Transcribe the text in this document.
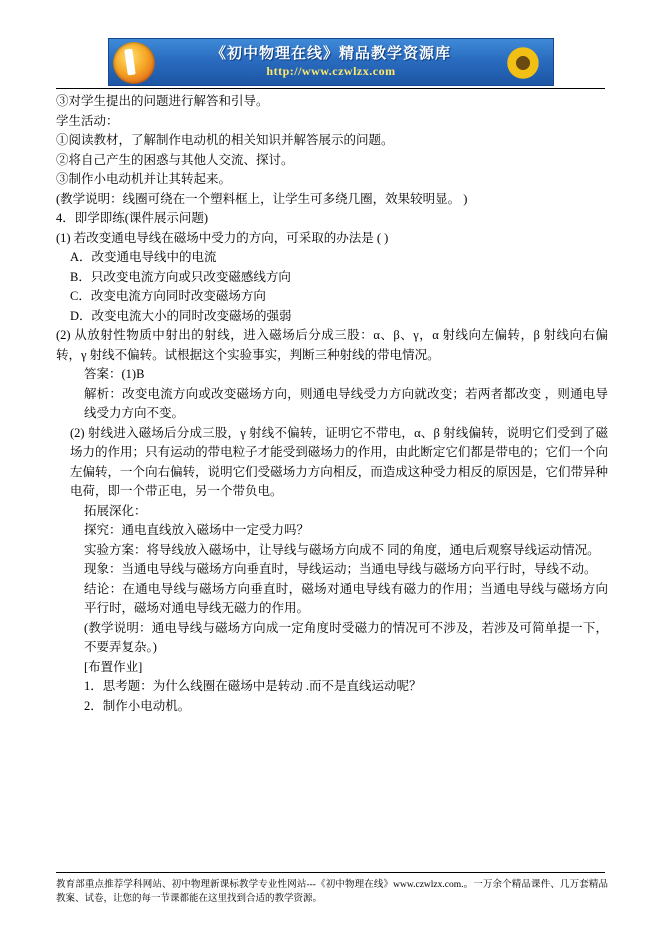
《初中物理在线》精品教学资源库
http://www.czwlzx.com

③对学生提出的问题进行解答和引导。

学生活动：

①阅读教材，了解制作电动机的相关知识并解答展示的问题。

②将自己产生的困惑与其他人交流、探讨。

③制作小电动机并让其转起来。

(教学说明：线圈可绕在一个塑料框上，让学生可多绕几圈，效果较明显。 )

4．即学即练(课件展示问题)

(1) 若改变通电导线在磁场中受力的方向，可采取的办法是 ( )

A．改变通电导线中的电流

B．只改变电流方向或只改变磁感线方向

C．改变电流方向同时改变磁场方向

D．改变电流大小的同时改变磁场的强弱

(2) 从放射性物质中射出的射线，进入磁场后分成三股：α、β、γ，α 射线向左偏转，β 射线向右偏转，γ 射线不偏转。试根据这个实验事实，判断三种射线的带电情况。

答案：(1)B

解析：改变电流方向或改变磁场方向，则通电导线受力方向就改变；若两者都改变 ，则通电导线受力方向不变。

(2) 射线进入磁场后分成三股，γ 射线不偏转，证明它不带电，α、β 射线偏转，说明它们受到了磁场力的作用；只有运动的带电粒子才能受到磁场力的作用，由此断定它们都是带电的；它们一个向左偏转，一个向右偏转，说明它们受磁场力方向相反，而造成这种受力相反的原因是，它们带异种电荷，即一个带正电，另一个带负电。

拓展深化：

探究：通电直线放入磁场中一定受力吗？

实验方案：将导线放入磁场中，让导线与磁场方向成不 同的角度，通电后观察导线运动情况。

现象：当通电导线与磁场方向垂直时，导线运动；当通电导线与磁场方向平行时，导线不动。

结论：在通电导线与磁场方向垂直时，磁场对通电导线有磁力的作用；当通电导线与磁场方向平行时，磁场对通电导线无磁力的作用。

(教学说明：通电导线与磁场方向成一定角度时受磁力的情况可不涉及，若涉及可简单提一下，不要弄复杂。)

[布置作业]

1．思考题：为什么线圈在磁场中是转动 .而不是直线运动呢？

2．制作小电动机。

教育部重点推荐学科网站、初中物理新课标教学专业性网站---《初中物理在线》www.czwlzx.com.。一万余个精品课件、几万套精品教案、试卷，让您的每一节课都能在这里找到合适的教学资源。
